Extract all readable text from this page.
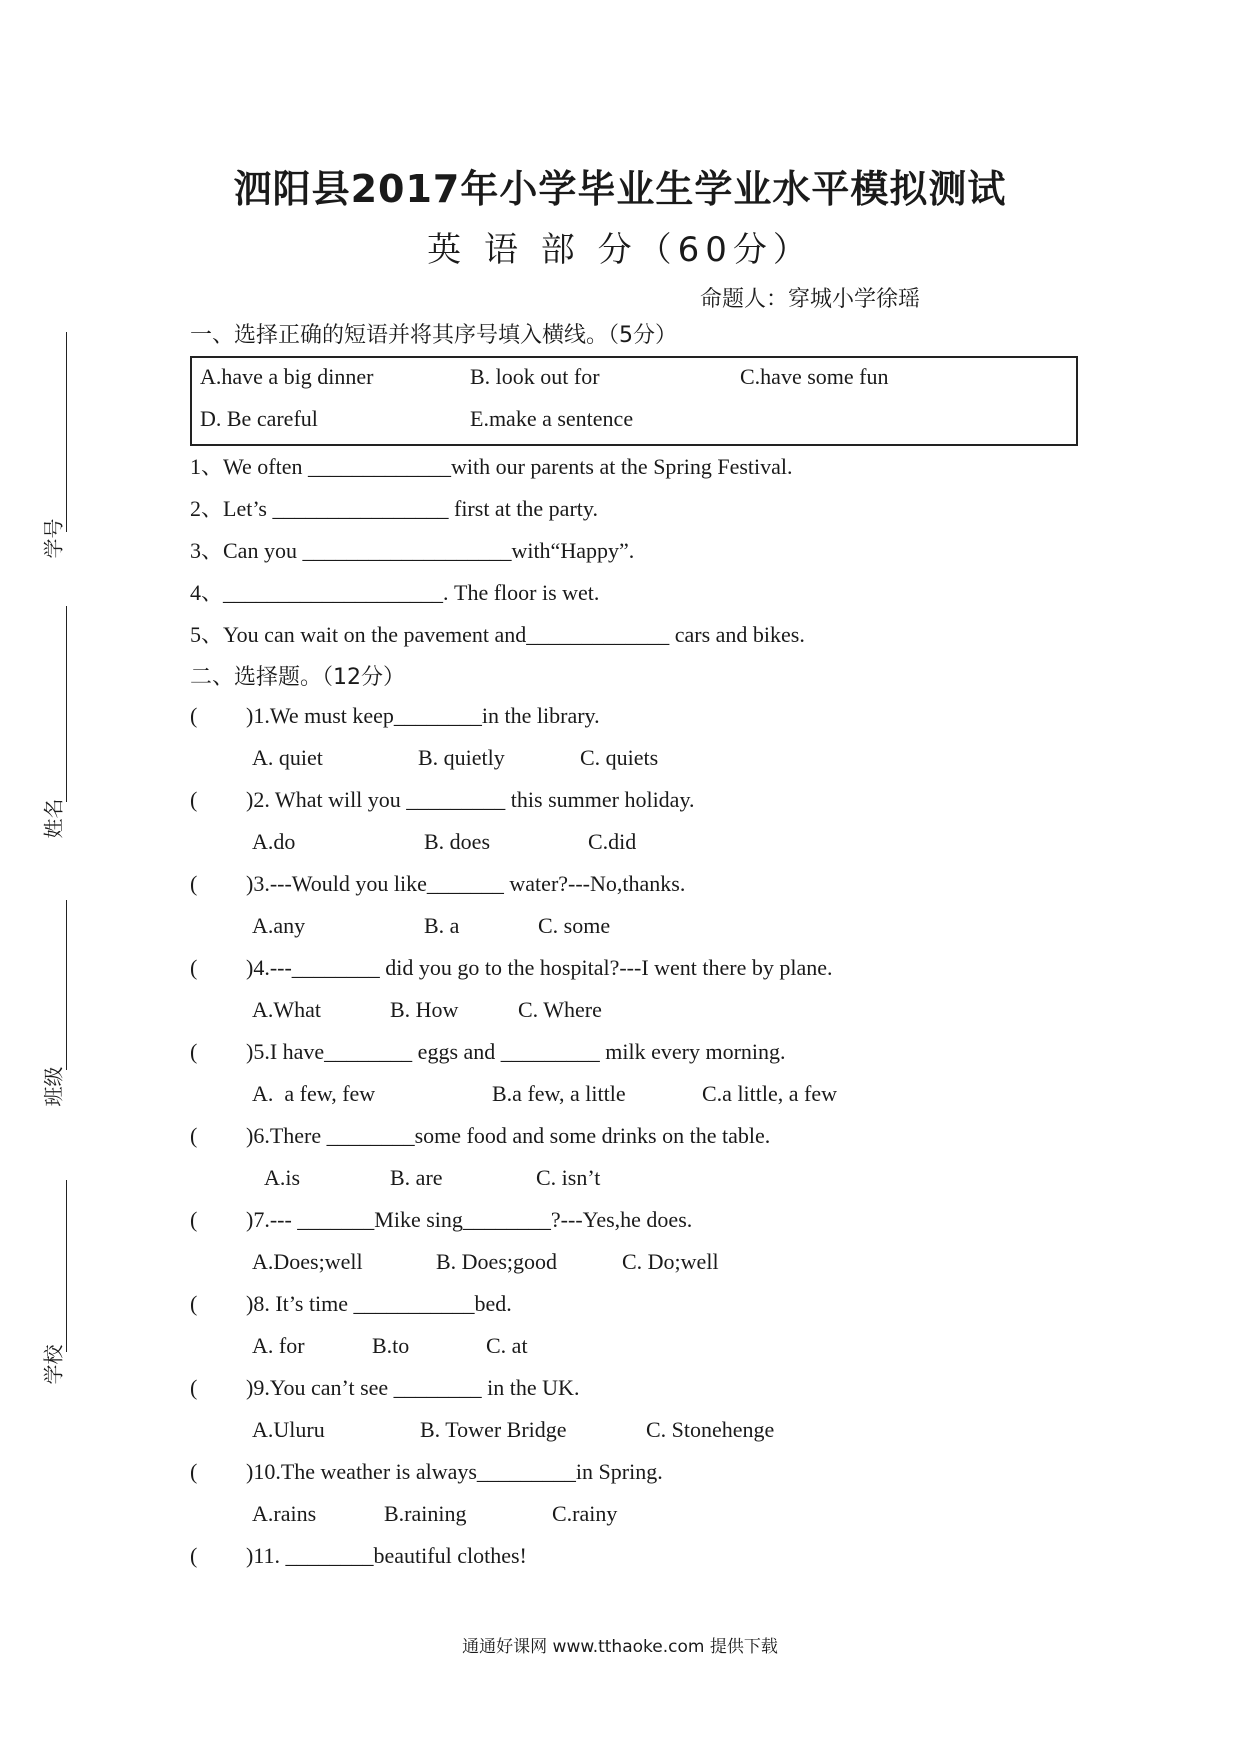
泗阳县2017年小学毕业生学业水平模拟测试
英 语 部 分（60分）
命题人：穿城小学徐瑶
学号
姓名
班级
学校
一、选择正确的短语并将其序号填入横线。（5分）
A.have a big dinner	B. look out for	C.have some fun
D. Be careful	E.make a sentence
1、We often _____________with our parents at the Spring Festival.
2、Let’s ________________ first at the party.
3、Can you ___________________with“Happy”.
4、____________________. The floor is wet.
5、You can wait on the pavement and_____________ cars and bikes.
二、选择题。（12分）
( )1.We must keep________in the library.
A. quiet	B. quietly	C. quiets
( )2. What will you _________ this summer holiday.
A.do	B. does	C.did
( )3.---Would you like_______ water?---No,thanks.
A.any	B. a	C. some
( )4.---________ did you go to the hospital?---I went there by plane.
A.What	B. How	C. Where
( )5.I have________ eggs and _________ milk every morning.
A.  a few, few	B.a few, a little	C.a little, a few
( )6.There ________some food and some drinks on the table.
A.is	B. are	C. isn’t
( )7.--- _______Mike sing________?---Yes,he does.
A.Does;well	B. Does;good	C. Do;well
( )8. It’s time ___________bed.
A. for	B.to	C. at
( )9.You can’t see ________ in the UK.
A.Uluru	B. Tower Bridge	C. Stonehenge
( )10.The weather is always_________in Spring.
A.rains	B.raining	C.rainy
( )11. ________beautiful clothes!
通通好课网 www.tthaoke.com 提供下载
